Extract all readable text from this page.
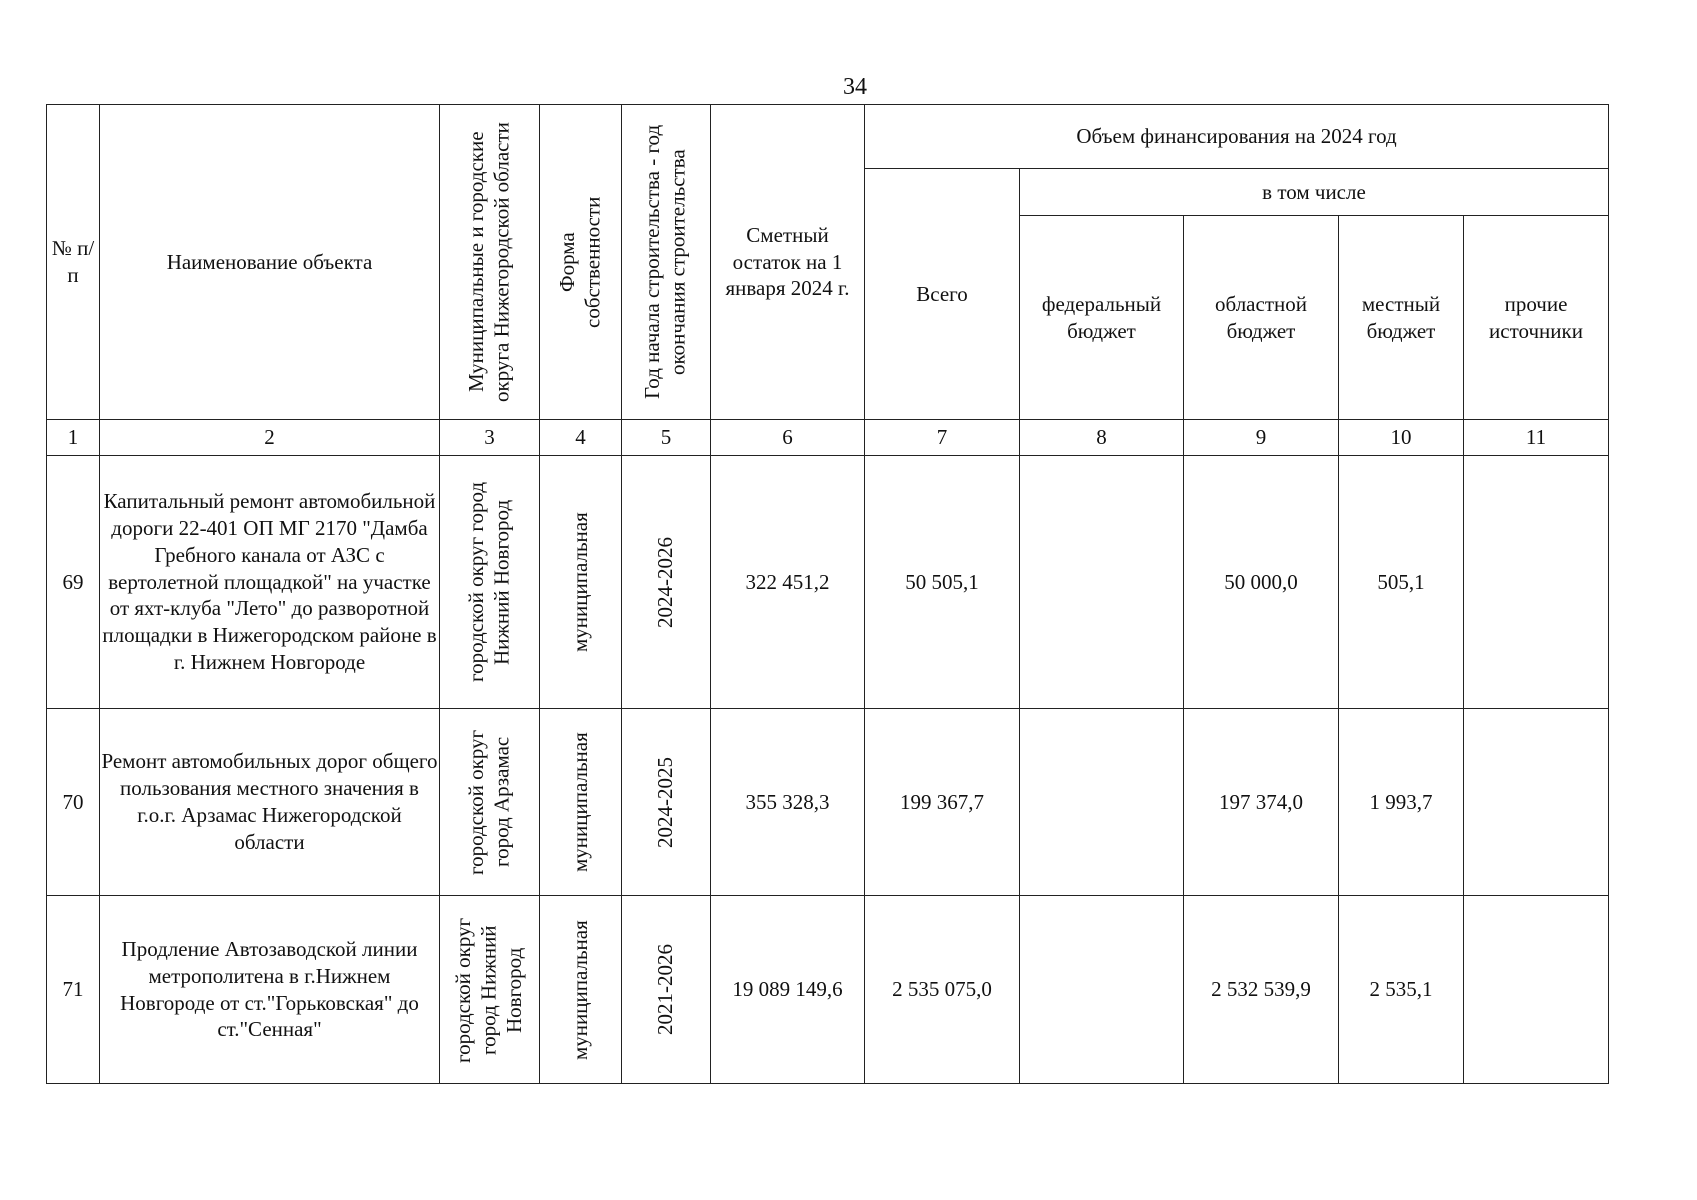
34
№ п/ п	Наименование объекта	Муниципальные и городские округа Нижегородской области	Форма собственности	Год начала строительства - год окончания строительства	Сметный остаток на 1 января 2024 г.	Объем финансирования на 2024 год				
						Всего	в том числе			
							федеральный бюджет	областной бюджет	местный бюджет	прочие источники
1	2	3	4	5	6	7	8	9	10	11
69	Капитальный ремонт автомобильной дороги 22-401 ОП МГ 2170 "Дамба Гребного канала от АЗС с вертолетной площадкой" на участке от яхт-клуба "Лето" до разворотной площадки в Нижегородском районе в г. Нижнем Новгороде	городской округ город Нижний Новгород	муниципальная	2024-2026	322 451,2	50 505,1		50 000,0	505,1	
70	Ремонт автомобильных дорог общего пользования местного значения в г.о.г. Арзамас Нижегородской области	городской округ город Арзамас	муниципальная	2024-2025	355 328,3	199 367,7		197 374,0	1 993,7	
71	Продление Автозаводской линии метрополитена в г.Нижнем Новгороде от ст."Горьковская" до ст."Сенная"	городской округ город Нижний Новгород	муниципальная	2021-2026	19 089 149,6	2 535 075,0		2 532 539,9	2 535,1	
